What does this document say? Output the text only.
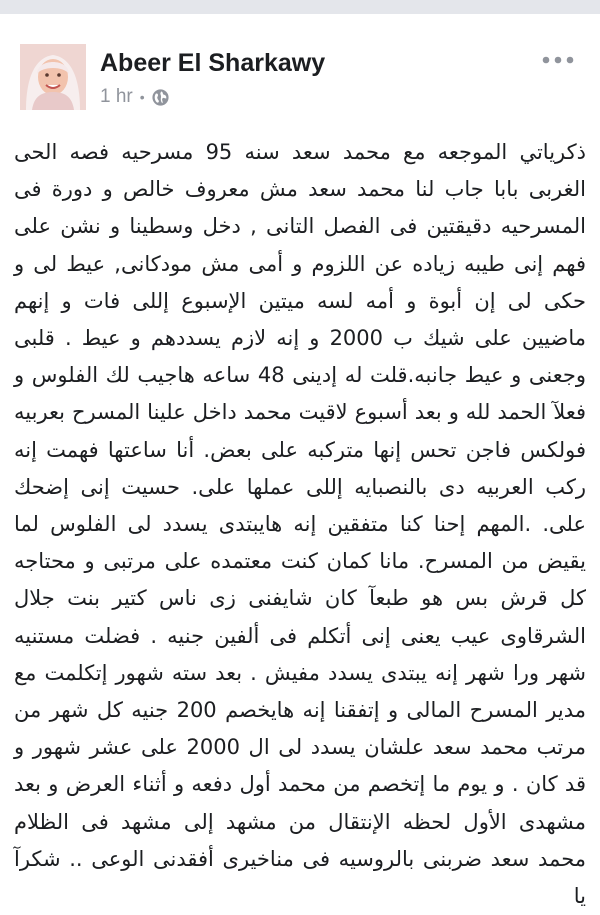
Abeer El Sharkawy
1 hr •

ذكرياتي الموجعه مع محمد سعد سنه 95 مسرحيه فصه الحى الغربى بابا جاب لنا محمد سعد مش معروف خالص و دورة فى المسرحيه دقيقتين فى الفصل التانى , دخل وسطينا و نشن على فهم إنى طيبه زياده عن اللزوم و أمى مش مودكانى, عيط لى و حكى لى إن أبوة و أمه لسه ميتين الإسبوع إللى فات و إنهم ماضيين على شيك ب 2000 و إنه لازم يسددهم و عيط . قلبى وجعنى و عيط جانبه.قلت له إدينى 48 ساعه هاجيب لك الفلوس و فعلآ الحمد لله و بعد أسبوع لاقيت محمد داخل علينا المسرح بعربيه فولكس فاجن تحس إنها متركبه على بعض. أنا ساعتها فهمت إنه ركب العربيه دى بالنصبايه إللى عملها على. حسيت إنى إضحك على. .المهم إحنا كنا متفقين إنه هايبتدى يسدد لى الفلوس لما يقيض من المسرح. مانا كمان كنت معتمده على مرتبى و محتاجه كل قرش بس هو طبعآ كان شايفنى زى ناس كتير بنت جلال الشرقاوى عيب يعنى إنى أتكلم فى ألفين جنيه . فضلت مستنيه شهر ورا شهر إنه يبتدى يسدد مفيش . بعد سته شهور إتكلمت مع مدير المسرح المالى و إتفقنا إنه هايخصم 200 جنيه كل شهر من مرتب محمد سعد علشان يسدد لى ال 2000 على عشر شهور و قد كان . و يوم ما إتخصم من محمد أول دفعه و أثناء العرض و بعد مشهدى الأول لحظه الإنتقال من مشهد إلى مشهد فى الظلام محمد سعد ضربنى بالروسيه فى مناخيرى أفقدنى الوعى .. شكرآ يا
